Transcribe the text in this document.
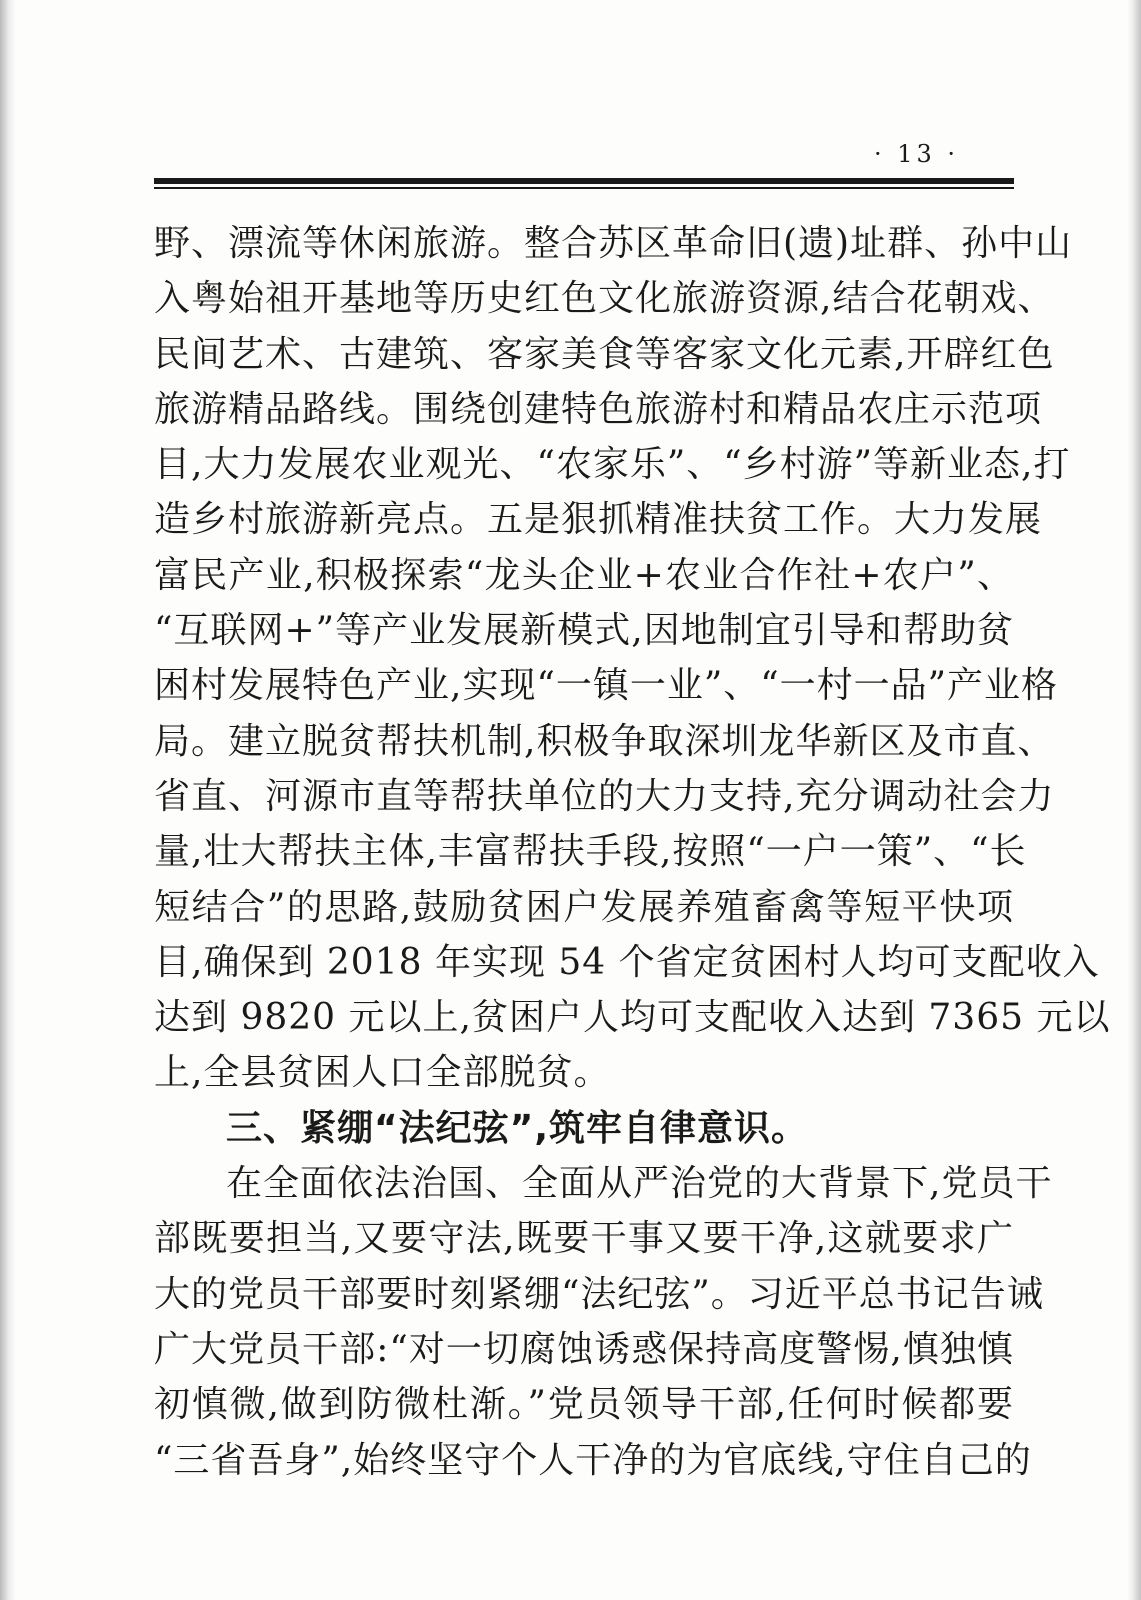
· 13 ·
野、漂流等休闲旅游。整合苏区革命旧(遗)址群、孙中山
入粤始祖开基地等历史红色文化旅游资源,结合花朝戏、
民间艺术、古建筑、客家美食等客家文化元素,开辟红色
旅游精品路线。围绕创建特色旅游村和精品农庄示范项
目,大力发展农业观光、“农家乐”、“乡村游”等新业态,打
造乡村旅游新亮点。五是狠抓精准扶贫工作。大力发展
富民产业,积极探索“龙头企业+农业合作社+农户”、
“互联网+”等产业发展新模式,因地制宜引导和帮助贫
困村发展特色产业,实现“一镇一业”、“一村一品”产业格
局。建立脱贫帮扶机制,积极争取深圳龙华新区及市直、
省直、河源市直等帮扶单位的大力支持,充分调动社会力
量,壮大帮扶主体,丰富帮扶手段,按照“一户一策”、“长
短结合”的思路,鼓励贫困户发展养殖畜禽等短平快项
目,确保到 2018 年实现 54 个省定贫困村人均可支配收入
达到 9820 元以上,贫困户人均可支配收入达到 7365 元以
上,全县贫困人口全部脱贫。
三、紧绷“法纪弦”,筑牢自律意识。
在全面依法治国、全面从严治党的大背景下,党员干
部既要担当,又要守法,既要干事又要干净,这就要求广
大的党员干部要时刻紧绷“法纪弦”。习近平总书记告诫
广大党员干部:“对一切腐蚀诱惑保持高度警惕,慎独慎
初慎微,做到防微杜渐。”党员领导干部,任何时候都要
“三省吾身”,始终坚守个人干净的为官底线,守住自己的
